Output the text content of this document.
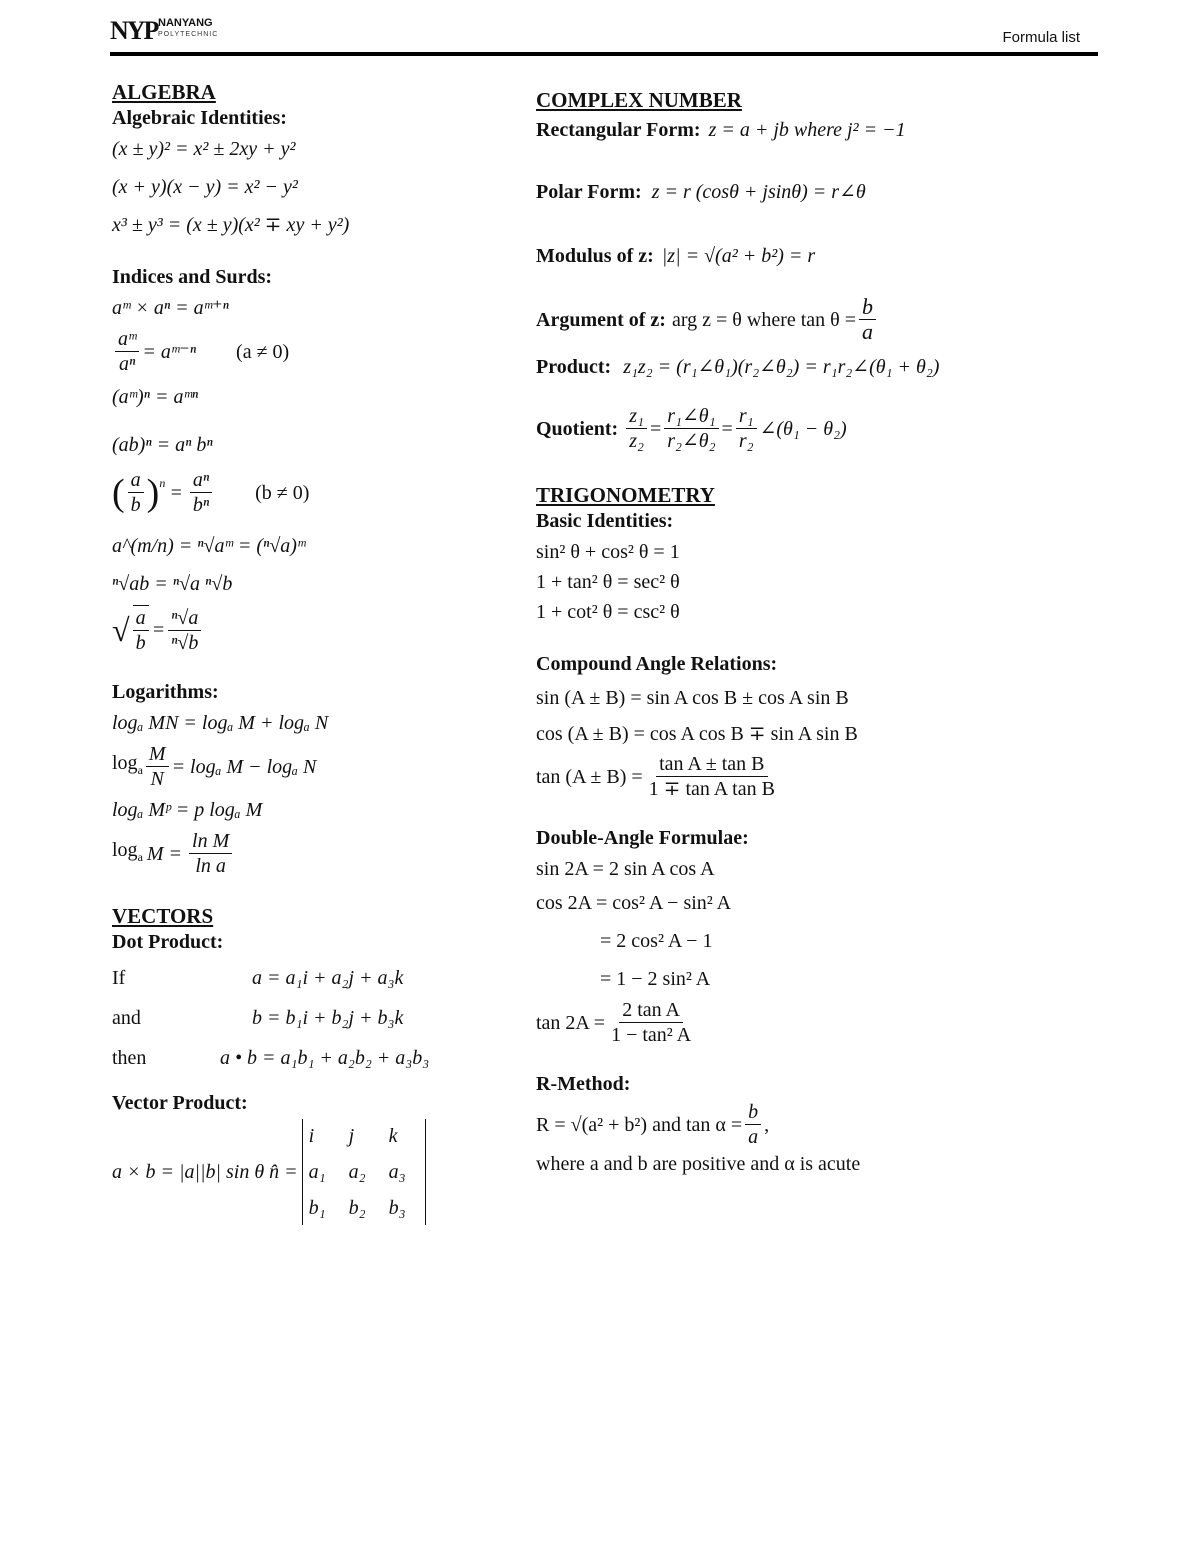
NYP NANYANG
POLYTECHNIC	Formula list
ALGEBRA
Algebraic Identities:
(x ± y)² = x² ± 2xy + y²
(x + y)(x − y) = x² − y²
x³ ± y³ = (x ± y)(x² ∓ xy + y²)
Indices and Surds:
aᵐ × aⁿ = aᵐ⁺ⁿ
$\frac{\text{aᵐ}}{\text{aⁿ}}$ = aᵐ⁻ⁿ (a ≠ 0)
(aᵐ)ⁿ = aᵐⁿ
(ab)ⁿ = aⁿ bⁿ
( $\frac{a}{b} )^n = \frac{\text{aⁿ}}{\text{bⁿ}} (b \ne 0)$
a^(m/n) = ⁿ√aᵐ = (ⁿ√a)ᵐ
ⁿ√ab = ⁿ√a ⁿ√b
√ $\frac{a}{b} = \frac{\text{ⁿ√a}}{\text{ⁿ√b}}$
Logarithms:
logₐ MN = logₐ M + logₐ N
$\log_a \frac{M}{N} = \log_a$ M − logₐ N
logₐ Mᵖ = p logₐ M
$\log_a M = \frac{\text{ln M}}{\text{ln a}}$
VECTORS
Dot Product:
If	a = a₁i + a₂j + a₃k
and	b = b₁i + b₂j + b₃k
then	a • b = a₁b₁ + a₂b₂ + a₃b₃
Vector Product:
a × b = |a||b| sin θ n̂ =
i	j	k
a₁	a₂	a₃
b₁	b₂	b₃
COMPLEX NUMBER
Rectangular Form: z = a + jb where j² = −1
Polar Form: z = r (cosθ + jsinθ) = r∠θ
Modulus of z: |z| = √(a² + b²) = r
Argument of z: arg z = θ where $\tan \theta = \frac{b}{a}$
Product: z₁z₂ = (r₁∠θ₁)(r₂∠θ₂) = r₁r₂∠(θ₁ + θ₂)
Quotient: $\frac{\text{z₁}}{\text{z₂}} = \frac{\text{r₁∠θ₁}}{\text{r₂∠θ₂}} = \frac{\text{r₁}}{\text{r₂}}$ ∠(θ₁ − θ₂)
TRIGONOMETRY
Basic Identities:
sin² θ + cos² θ = 1
1 + tan² θ = sec² θ
1 + cot² θ = csc² θ
Compound Angle Relations:
sin (A ± B) = sin A cos B ± cos A sin B
cos (A ± B) = cos A cos B ∓ sin A sin B
$\tan (A \pm B) = \frac{\text{tan A ± tan B}}{\text{1 ∓ tan A tan B}}$
Double-Angle Formulae:
sin 2A = 2 sin A cos A
cos 2A = cos² A − sin² A
= 2 cos² A − 1
= 1 − 2 sin² A
$\tan 2A = \frac{\text{2 tan A}}{\text{1 − tan² A}}$
R-Method:
R = √(a² + b²) and $\tan \alpha = \frac{b}{a}$ ,
where a and b are positive and α is acute
